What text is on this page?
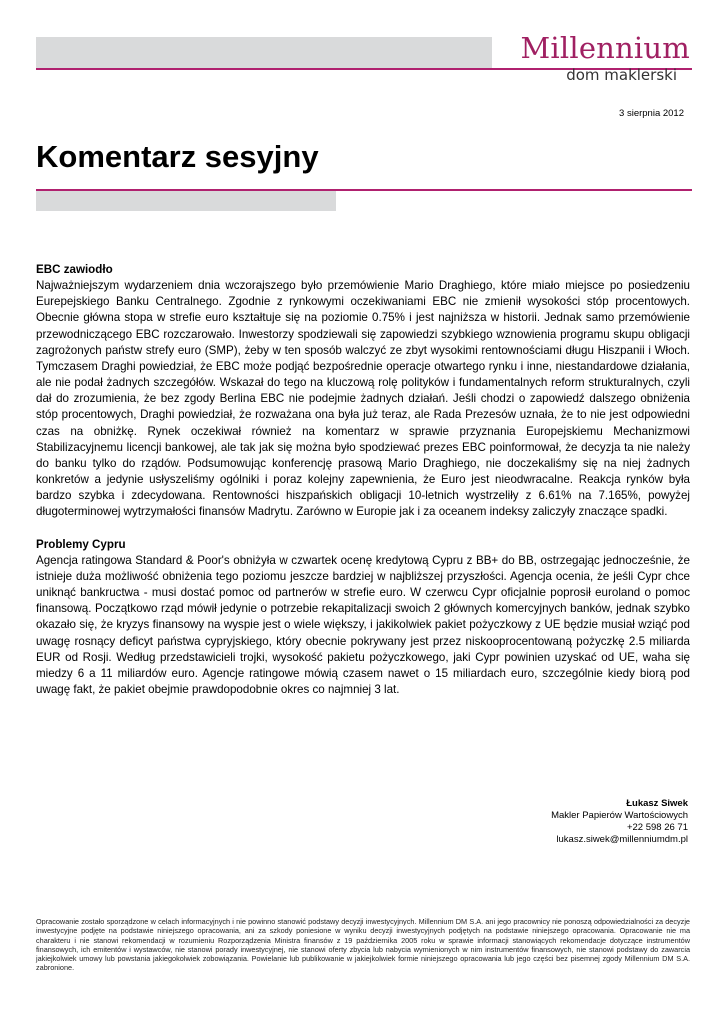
Millennium
dom maklerski
3 sierpnia 2012
Komentarz sesyjny
EBC zawiodło

Najważniejszym wydarzeniem dnia wczorajszego było przemówienie Mario Draghiego, które miało miejsce po posiedzeniu Eurepejskiego Banku Centralnego. Zgodnie z rynkowymi oczekiwaniami EBC nie zmienił wysokości stóp procentowych. Obecnie główna stopa w strefie euro kształtuje się na poziomie 0.75% i jest najniższa w historii. Jednak samo przemówienie przewodniczącego EBC rozczarowało. Inwestorzy spodziewali się zapowiedzi szybkiego wznowienia programu skupu obligacji zagrożonych państw strefy euro (SMP), żeby w ten sposób walczyć ze zbyt wysokimi rentownościami długu Hiszpanii i Włoch. Tymczasem Draghi powiedział, że EBC może podjąć bezpośrednie operacje otwartego rynku i inne, niestandardowe działania, ale nie podał żadnych szczegółów. Wskazał do tego na kluczową rolę polityków i fundamentalnych reform strukturalnych, czyli dał do zrozumienia, że bez zgody Berlina EBC nie podejmie żadnych działań. Jeśli chodzi o zapowiedź dalszego obniżenia stóp procentowych, Draghi powiedział, że rozważana ona była już teraz, ale Rada Prezesów uznała, że to nie jest odpowiedni czas na obniżkę. Rynek oczekiwał również na komentarz w sprawie przyznania Europejskiemu Mechanizmowi Stabilizacyjnemu licencji bankowej, ale tak jak się można było spodziewać prezes EBC poinformował, że decyzja ta nie należy do banku tylko do rządów. Podsumowując konferencję prasową Mario Draghiego, nie doczekaliśmy się na niej żadnych konkretów a jedynie usłyszeliśmy ogólniki i poraz kolejny zapewnienia, że Euro jest nieodwracalne. Reakcja rynków była bardzo szybka i zdecydowana. Rentowności hiszpańskich obligacji 10-letnich wystrzeliły z 6.61% na 7.165%, powyżej długoterminowej wytrzymałości finansów Madrytu. Zarówno w Europie jak i za oceanem indeksy zaliczyły znaczące spadki.

Problemy Cypru

Agencja ratingowa Standard & Poor's obniżyła w czwartek ocenę kredytową Cypru z BB+ do BB, ostrzegając jednocześnie, że istnieje duża możliwość obniżenia tego poziomu jeszcze bardziej w najbliższej przyszłości. Agencja ocenia, że jeśli Cypr chce uniknąć bankructwa - musi dostać pomoc od partnerów w strefie euro. W czerwcu Cypr oficjalnie poprosił euroland o pomoc finansową. Początkowo rząd mówił jedynie o potrzebie rekapitalizacji swoich 2 głównych komercyjnych banków, jednak szybko okazało się, że kryzys finansowy na wyspie jest o wiele większy, i jakikolwiek pakiet pożyczkowy z UE będzie musiał wziąć pod uwagę rosnący deficyt państwa cypryjskiego, który obecnie pokrywany jest przez niskooprocentowaną pożyczkę 2.5 miliarda EUR od Rosji. Według przedstawicieli trojki, wysokość pakietu pożyczkowego, jaki Cypr powinien uzyskać od UE, waha się miedzy 6 a 11 miliardów euro. Agencje ratingowe mówią czasem nawet o 15 miliardach euro, szczególnie kiedy biorą pod uwagę fakt, że pakiet obejmie prawdopodobnie okres co najmniej 3 lat.

Łukasz Siwek
Makler Papierów Wartościowych
+22 598 26 71
lukasz.siwek@millenniumdm.pl

Opracowanie zostało sporządzone w celach informacyjnych i nie powinno stanowić podstawy decyzji inwestycyjnych. Millennium DM S.A. ani jego pracownicy nie ponoszą odpowiedzialności za decyzje inwestycyjne podjęte na podstawie niniejszego opracowania, ani za szkody poniesione w wyniku decyzji inwestycyjnych podjętych na podstawie niniejszego opracowania. Opracowanie nie ma charakteru i nie stanowi rekomendacji w rozumieniu Rozporządzenia Ministra finansów z 19 października 2005 roku w sprawie informacji stanowiących rekomendacje dotyczące instrumentów finansowych, ich emitentów i wystawców, nie stanowi porady inwestycyjnej, nie stanowi oferty zbycia lub nabycia wymienionych w nim instrumentów finansowych, nie stanowi podstawy do zawarcia jakiejkolwiek umowy lub powstania jakiegokolwiek zobowiązania. Powielanie lub publikowanie w jakiejkolwiek formie niniejszego opracowania lub jego części bez pisemnej zgody Millennium DM S.A. zabronione.
